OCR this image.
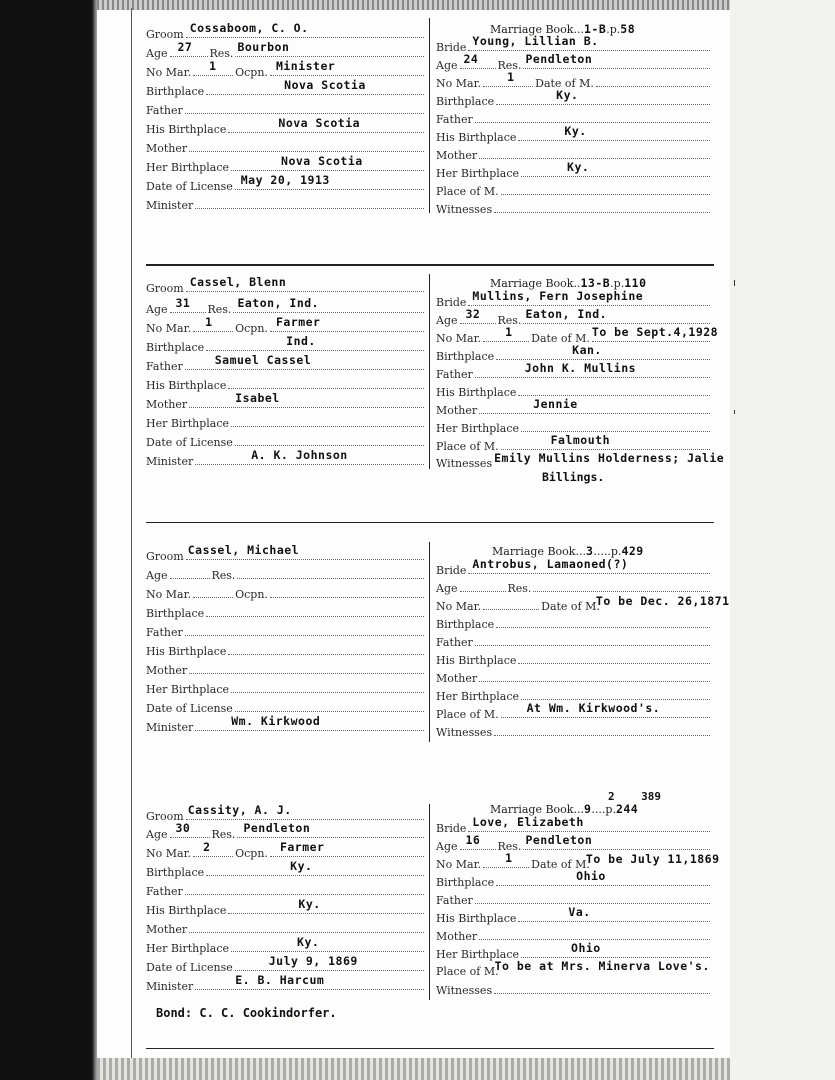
Groom Cossaboom, C. O.
Age 27 Res. Bourbon
No Mar. 1 Ocpn. Minister
Birthplace	Nova Scotia
Father
His Birthplace	Nova Scotia
Mother
Her Birthplace	Nova Scotia
Date of License May 20, 1913
Minister
Marriage Book...1-B.p.58
Bride Young, Lillian B.
Age 24 Res. Pendleton
No Mar. 1 Date of M.
Birthplace	Ky.
Father
His Birthplace	Ky.
Mother
Her Birthplace	Ky.
Place of M.
Witnesses
Groom Cassel, Blenn
Age 31 Res. Eaton, Ind.
No Mar. 1 Ocpn. Farmer
Birthplace	Ind.
Father	Samuel Cassel
His Birthplace
Mother	Isabel
Her Birthplace
Date of License
Minister	A. K. Johnson
Marriage Book..13-B.p.110
Bride Mullins, Fern Josephine
Age 32 Res. Eaton, Ind.
No Mar. 1 Date of M. To be Sept.4,1928
Birthplace	Kan.
Father	John K. Mullins
His Birthplace
Mother	Jennie
Her Birthplace
Place of M.	Falmouth
Witnesses Emily Mullins Holderness; Jalie
Billings.
Groom Cassel, Michael
Age	Res.
No Mar.	Ocpn.
Birthplace
Father
His Birthplace
Mother
Her Birthplace
Date of License
Minister	Wm. Kirkwood
Marriage Book...3.....p.429
Bride Antrobus, Lamaoned(?)
Age	Res.
No Mar.	Date of M.
To be Dec. 26,1871
Birthplace
Father
His Birthplace
Mother
Her Birthplace
Place of M. At Wm. Kirkwood's.
Witnesses
Groom Cassity, A. J.
Age 30 Res. Pendleton
No Mar. 2 Ocpn. Farmer
Birthplace	Ky.
Father
His Birthplace	Ky.
Mother
Her Birthplace	Ky.
Date of License	July 9, 1869
Minister	E. B. Harcum
Bond: C. C. Cookindorfer.
2 389
Marriage Book...9....p.244
Bride Love, Elizabeth
Age 16 Res. Pendleton
No Mar. 1 Date of M.
To be July 11,1869
Birthplace	Ohio
Father
His Birthplace	Va.
Mother
Her Birthplace	Ohio
Place of M.
To be at Mrs. Minerva Love's.
Witnesses
